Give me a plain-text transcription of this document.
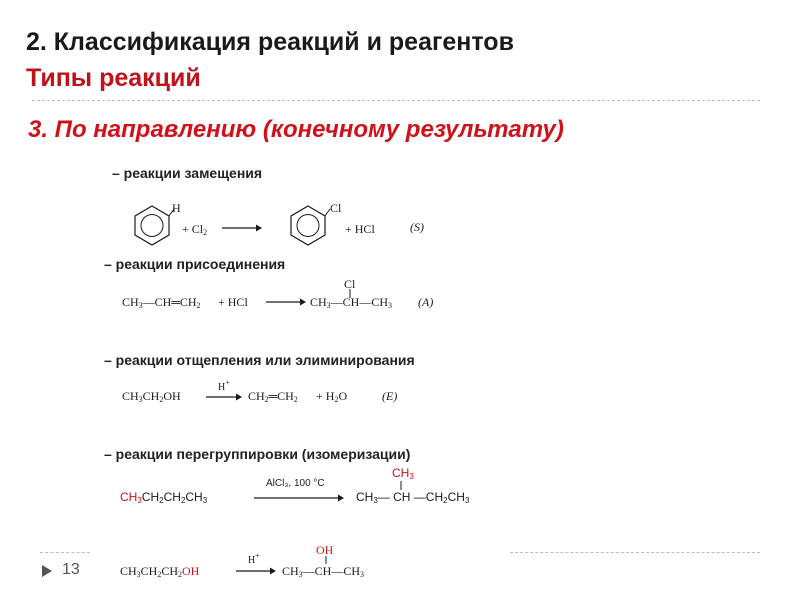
2. Классификация реакций и реагентов
Типы реакций
3. По направлению (конечному результату)
– реакции замещения
H
+ $Cl_2$
Cl
+ HCl	(S)
– реакции присоединения
$CH_3—CH═CH_2$ + HCl
Cl
$CH_3—CH—CH_3$ (A)
– реакции отщепления или элиминирования
$CH_3CH_2OH$
H+
$CH_2═CH_2 + H_2O$	(E)
– реакции перегруппировки (изомеризации)
$CH_3CH_2CH_2CH_3$
AlCl₃, 100 °C
$CH_3$
$CH_3—$ CH $—CH_2CH_3$
13	$CH_3CH_2CH_2OH$
H+	OH
$CH_3—CH—CH_3$
